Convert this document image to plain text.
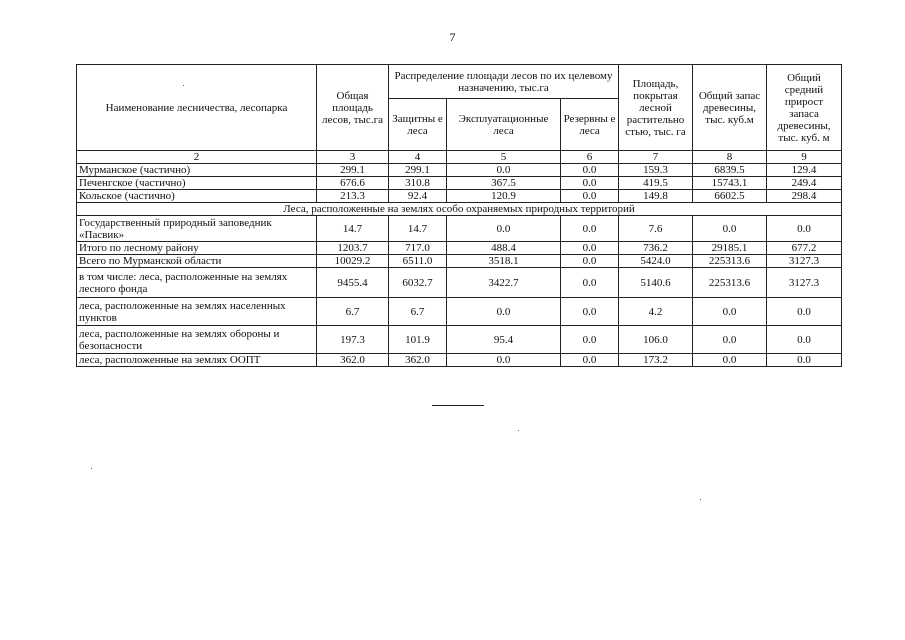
7
Наименование лесничества, лесопарка	Общая площадь лесов, тыс.га	Распределение площади лесов по их целевому назначению, тыс.га			Площадь, покрытая лесной растительно стью, тыс. га	Общий запас древесины, тыс. куб.м	Общий средний прирост запаса древесины, тыс. куб. м
		Защитны е леса	Эксплуатационные леса	Резервны е леса			
2	3	4	5	6	7	8	9
Мурманское (частично)	299.1	299.1	0.0	0.0	159.3	6839.5	129.4
Печенгское (частично)	676.6	310.8	367.5	0.0	419.5	15743.1	249.4
Кольское (частично)	213.3	92.4	120.9	0.0	149.8	6602.5	298.4
Леса, расположенные на землях особо охраняемых природных территорий							
Государственный природный заповедник «Пасвик»	14.7	14.7	0.0	0.0	7.6	0.0	0.0
Итого по лесному району	1203.7	717.0	488.4	0.0	736.2	29185.1	677.2
Всего по Мурманской области	10029.2	6511.0	3518.1	0.0	5424.0	225313.6	3127.3
в том числе: леса, расположенные на землях лесного фонда	9455.4	6032.7	3422.7	0.0	5140.6	225313.6	3127.3
леса, расположенные на землях населенных пунктов	6.7	6.7	0.0	0.0	4.2	0.0	0.0
леса, расположенные на землях обороны и безопасности	197.3	101.9	95.4	0.0	106.0	0.0	0.0
леса, расположенные на землях ООПТ	362.0	362.0	0.0	0.0	173.2	0.0	0.0
